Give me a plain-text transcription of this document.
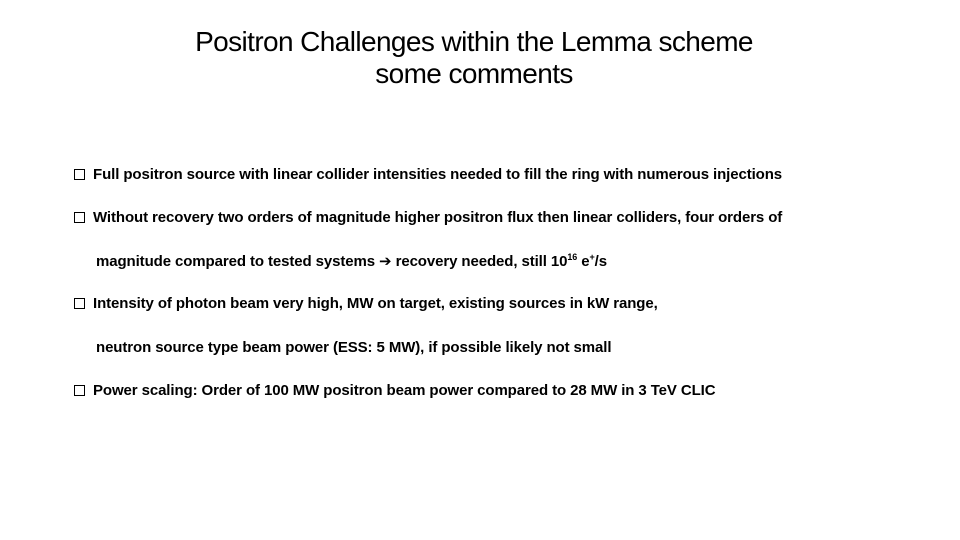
Positron Challenges within the Lemma scheme
some comments
Full positron source with linear collider intensities needed to fill the ring with numerous injections
Without recovery two orders of magnitude higher positron flux then linear colliders, four orders of
magnitude compared to tested systems ➔ recovery needed, still $10^{16}$ e+/s
Intensity of photon beam very high, MW on target, existing sources in kW range,
neutron source type beam power (ESS: 5 MW), if possible likely not small
Power scaling: Order of 100 MW positron beam power compared to 28 MW in 3 TeV CLIC
